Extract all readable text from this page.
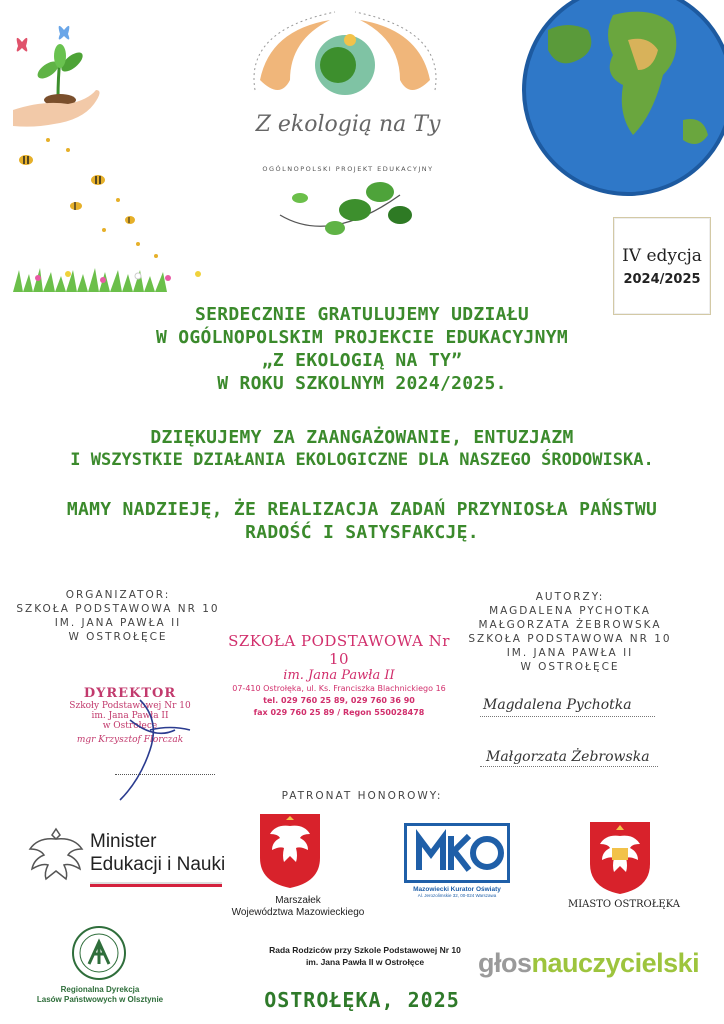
Z ekologią na Ty
OGÓLNOPOLSKI PROJEKT EDUKACYJNY
IV edycja
2024/2025
SERDECZNIE GRATULUJEMY UDZIAŁU
W OGÓLNOPOLSKIM PROJEKCIE EDUKACYJNYM
„Z EKOLOGIĄ NA TY”
W ROKU SZKOLNYM 2024/2025.
DZIĘKUJEMY ZA ZAANGAŻOWANIE, ENTUZJAZM
I WSZYSTKIE DZIAŁANIA EKOLOGICZNE DLA NASZEGO ŚRODOWISKA.
MAMY NADZIEJĘ, ŻE REALIZACJA ZADAŃ PRZYNIOSŁA PAŃSTWU
RADOŚĆ I SATYSFAKCJĘ.
ORGANIZATOR:
SZKOŁA PODSTAWOWA NR 10
IM. JANA PAWŁA II
W OSTROŁĘCE
AUTORZY:
MAGDALENA PYCHOTKA
MAŁGORZATA ŻEBROWSKA
SZKOŁA PODSTAWOWA NR 10
IM. JANA PAWŁA II
W OSTROŁĘCE
SZKOŁA PODSTAWOWA Nr 10
im. Jana Pawła II
07-410 Ostrołęka, ul. Ks. Franciszka Blachnickiego 16
tel. 029 760 25 89, 029 760 36 90
fax 029 760 25 89 / Regon 550028478
DYREKTOR
Szkoły Podstawowej Nr 10
im. Jana Pawła II
w Ostrołęce
mgr Krzysztof Florczak
Magdalena Pychotka
Małgorzata Żebrowska
PATRONAT HONOROWY:
Minister
Edukacji i Nauki
Marszałek
Województwa Mazowieckiego
Mazowiecki Kurator Oświaty
Al. Jerozolimskie 32, 00-024 Warszawa
MIASTO OSTROŁĘKA
Regionalna Dyrekcja
Lasów Państwowych w Olsztynie
Rada Rodziców przy Szkole Podstawowej Nr 10
im. Jana Pawła II w Ostrołęce	głosnauczycielski
OSTROŁĘKA, 2025
